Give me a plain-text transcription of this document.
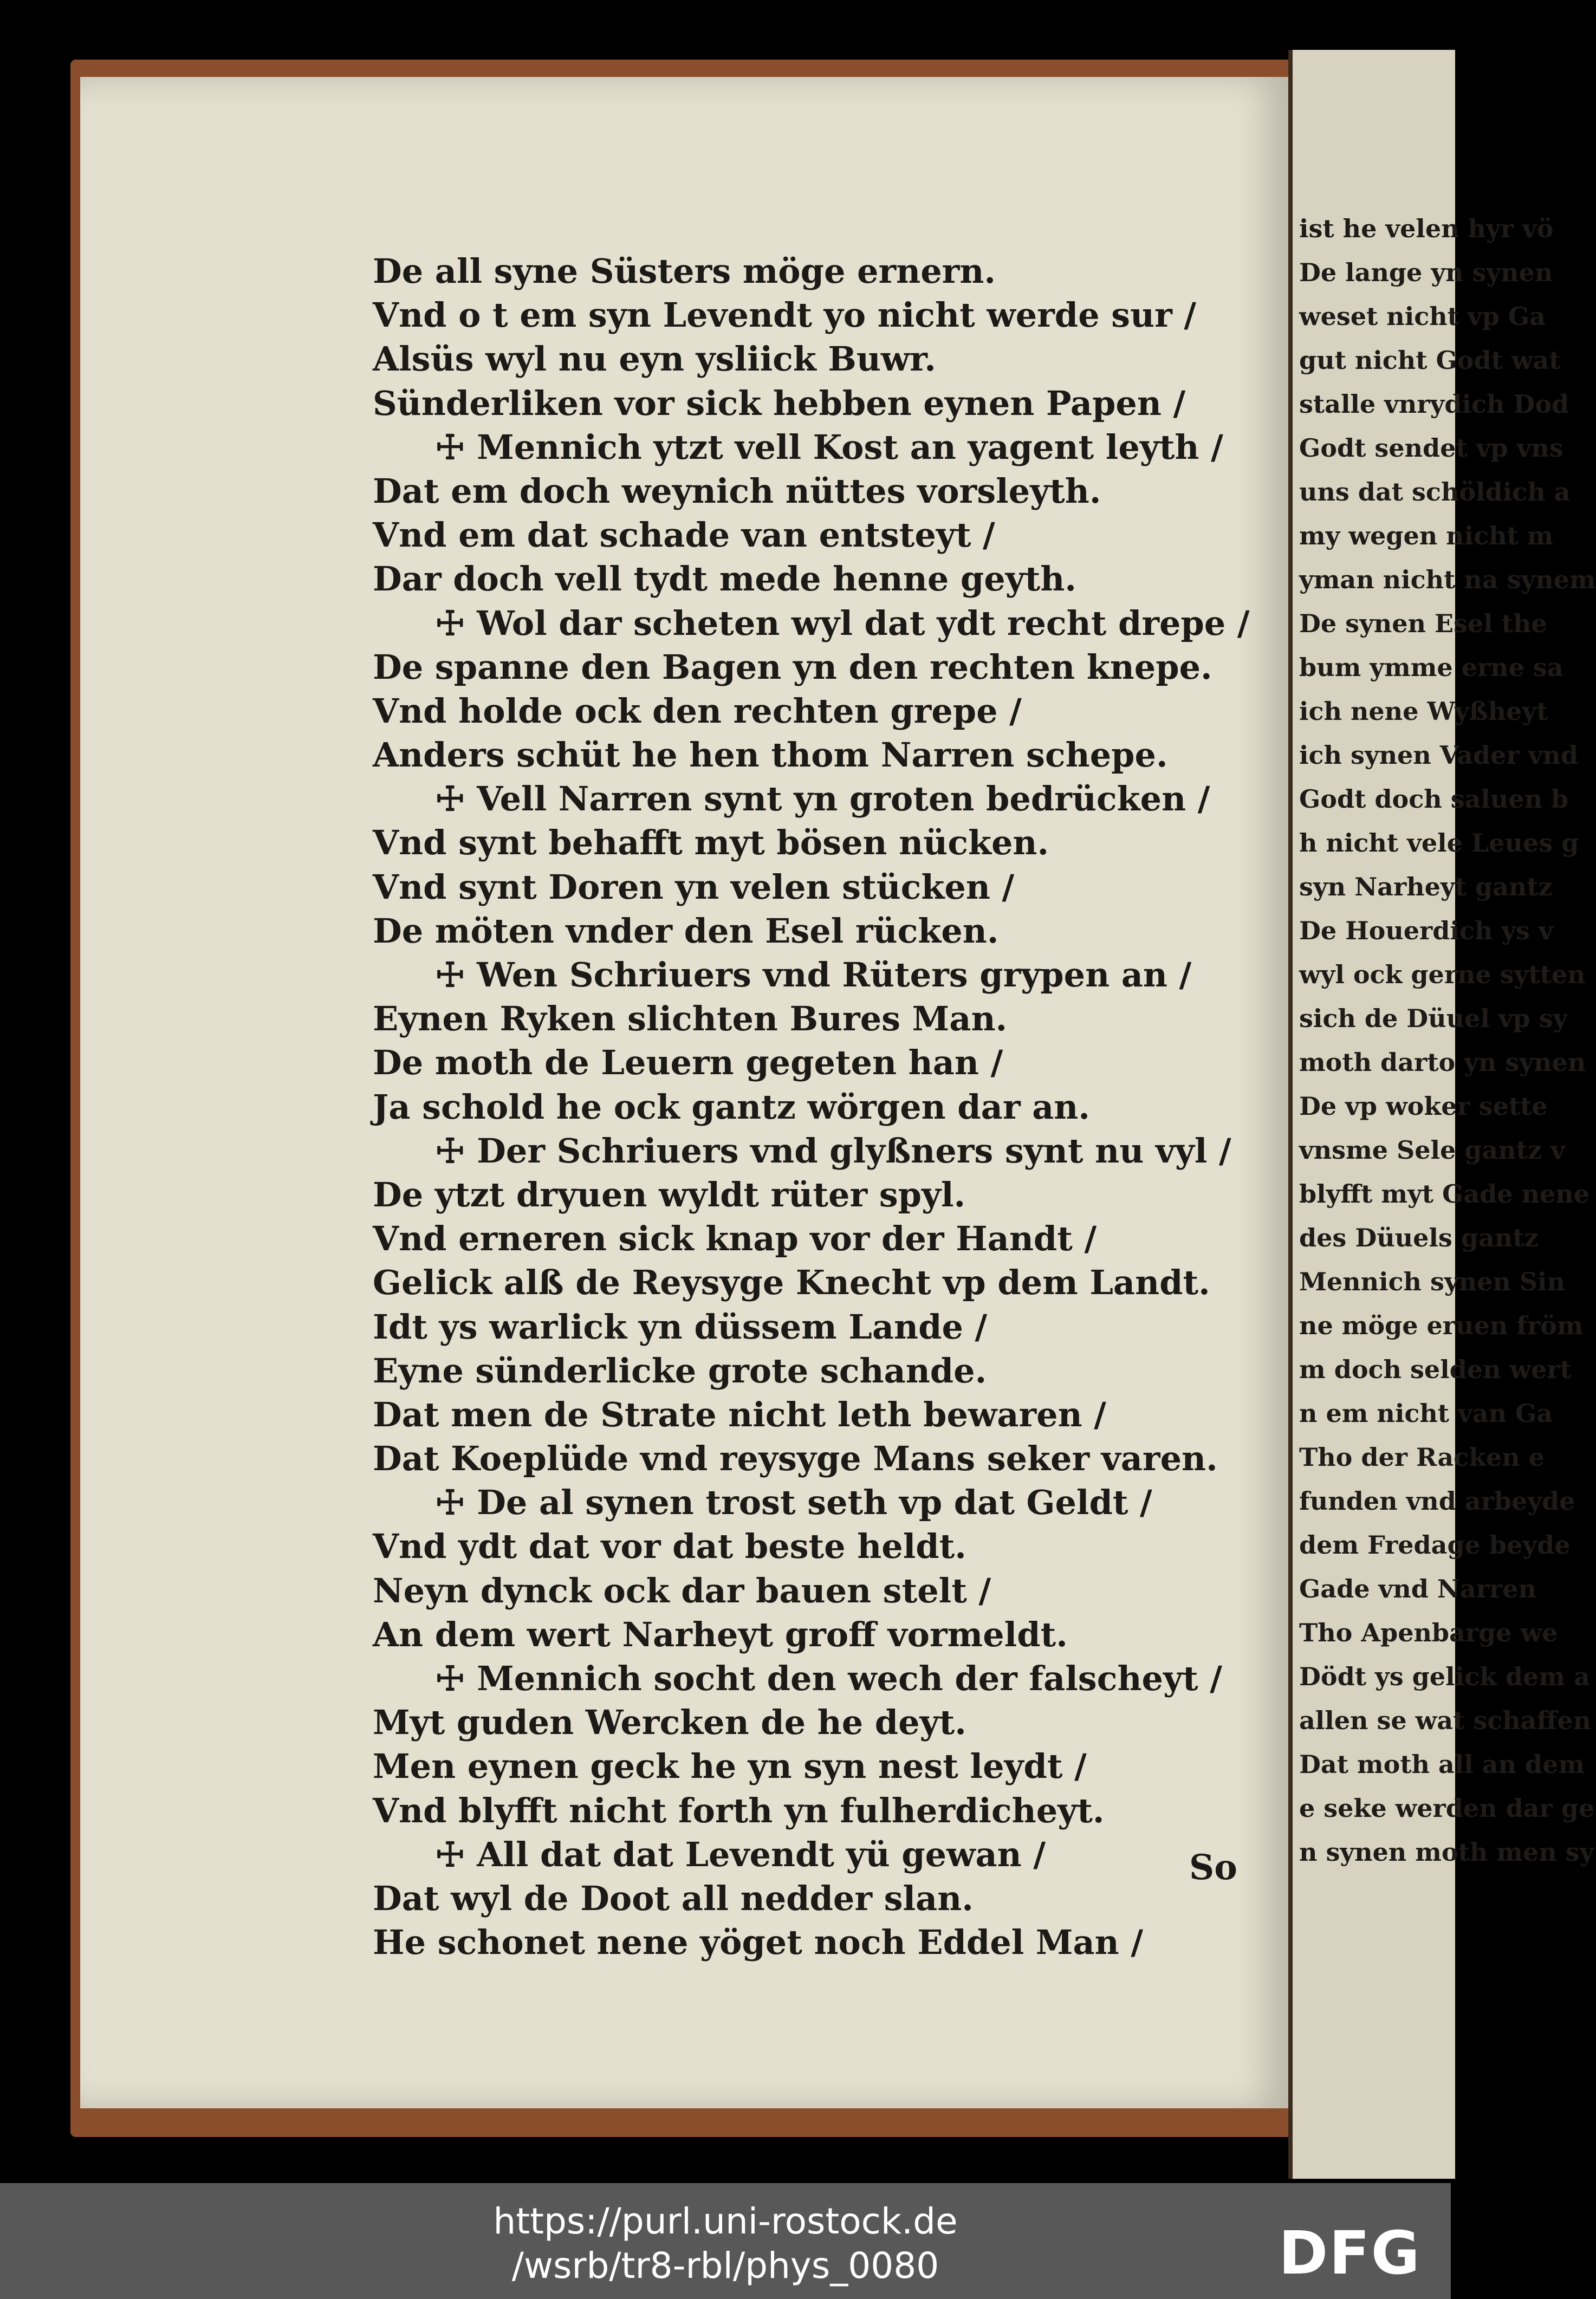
De all syne Süsters möge ernern.
Vnd o t em syn Levendt yo nicht werde sur /
Alsüs wyl nu eyn ysliick Buwr.
Sünderliken vor sick hebben eynen Papen /
☩ Mennich ytzt vell Kost an yagent leyth /
Dat em doch weynich nüttes vorsleyth.
Vnd em dat schade van entsteyt /
Dar doch vell tydt mede henne geyth.
☩ Wol dar scheten wyl dat ydt recht drepe /
De spanne den Bagen yn den rechten knepe.
Vnd holde ock den rechten grepe /
Anders schüt he hen thom Narren schepe.
☩ Vell Narren synt yn groten bedrücken /
Vnd synt behafft myt bösen nücken.
Vnd synt Doren yn velen stücken /
De möten vnder den Esel rücken.
☩ Wen Schriuers vnd Rüters grypen an /
Eynen Ryken slichten Bures Man.
De moth de Leuern gegeten han /
Ja schold he ock gantz wörgen dar an.
☩ Der Schriuers vnd glyßners synt nu vyl /
De ytzt dryuen wyldt rüter spyl.
Vnd erneren sick knap vor der Handt /
Gelick alß de Reysyge Knecht vp dem Landt.
Idt ys warlick yn düssem Lande /
Eyne sünderlicke grote schande.
Dat men de Strate nicht leth bewaren /
Dat Koeplüde vnd reysyge Mans seker varen.
☩ De al synen trost seth vp dat Geldt /
Vnd ydt dat vor dat beste heldt.
Neyn dynck ock dar bauen stelt /
An dem wert Narheyt groff vormeldt.
☩ Mennich socht den wech der falscheyt /
Myt guden Wercken de he deyt.
Men eynen geck he yn syn nest leydt /
Vnd blyfft nicht forth yn fulherdicheyt.
☩ All dat dat Levendt yü gewan /
Dat wyl de Doot all nedder slan.
He schonet nene yöget noch Eddel Man /
So
ist he velen hyr vö
De lange yn synen
weset nicht vp Ga
gut nicht Godt wat
stalle vnrydich Dod
Godt sendet vp vns
uns dat schöldich a
my wegen nicht m
yman nicht na synem
De synen Esel the
bum ymme erne sa
ich nene Wyßheyt
ich synen Vader vnd
Godt doch saluen b
h nicht vele Leues g
syn Narheyt gantz
De Houerdich ys v
wyl ock gerne sytten
sich de Düuel vp sy
moth darto yn synen
De vp woker sette
vnsme Sele gantz v
blyfft myt Gade nene
des Düuels gantz
Mennich synen Sin
ne möge eruen fröm
m doch selden wert
n em nicht van Ga
Tho der Racken e
funden vnd arbeyde
dem Fredage beyde
Gade vnd Narren
Tho Apenbarge we
Dödt ys gelick dem a
allen se wat schaffen
Dat moth all an dem
e seke werden dar ge
n synen moth men sy
https://purl.uni-rostock.de
/wsrb/tr8-rbl/phys_0080	DFG
